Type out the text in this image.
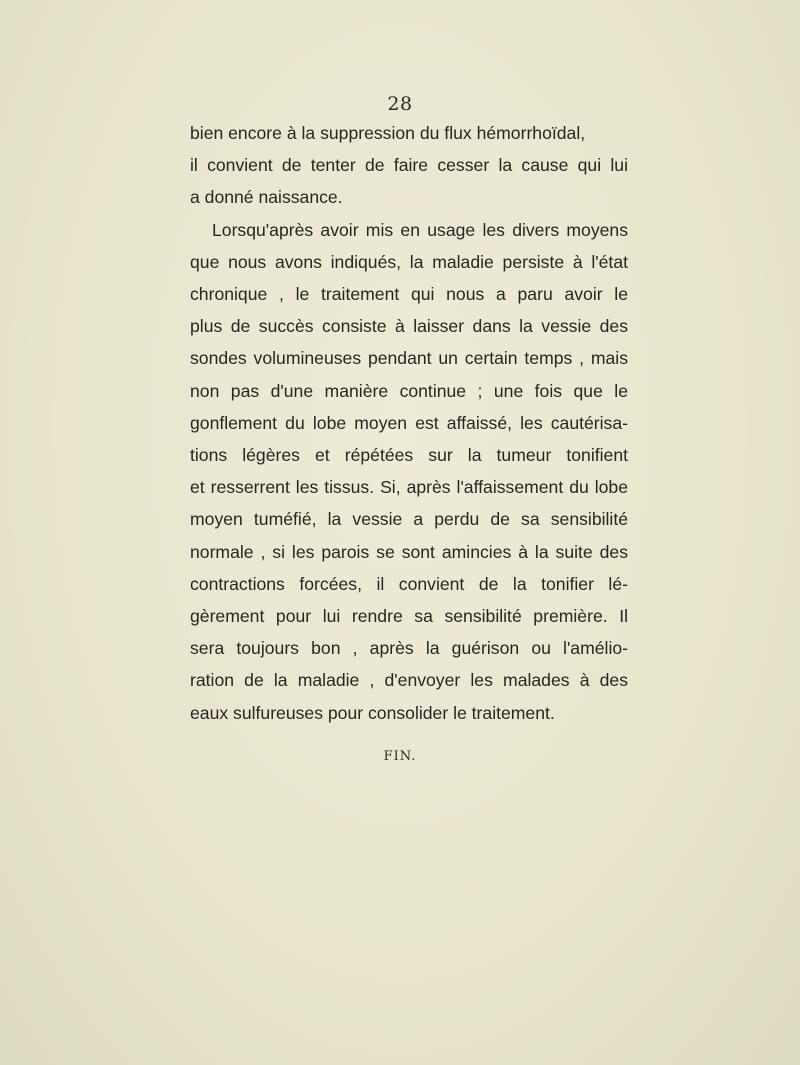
28
bien encore à la suppression du flux hémorrhoïdal,
il convient de tenter de faire cesser la cause qui lui
a donné naissance.
Lorsqu'après avoir mis en usage les divers moyens
que nous avons indiqués, la maladie persiste à l'état
chronique , le traitement qui nous a paru avoir le
plus de succès consiste à laisser dans la vessie des
sondes volumineuses pendant un certain temps , mais
non pas d'une manière continue ; une fois que le
gonflement du lobe moyen est affaissé, les cautérisa-
tions légères et répétées sur la tumeur tonifient
et resserrent les tissus. Si, après l'affaissement du lobe
moyen tuméfié, la vessie a perdu de sa sensibilité
normale , si les parois se sont amincies à la suite des
contractions forcées, il convient de la tonifier lé-
gèrement pour lui rendre sa sensibilité première. Il
sera toujours bon , après la guérison ou l'amélio-
ration de la maladie , d'envoyer les malades à des
eaux sulfureuses pour consolider le traitement.
FIN.
